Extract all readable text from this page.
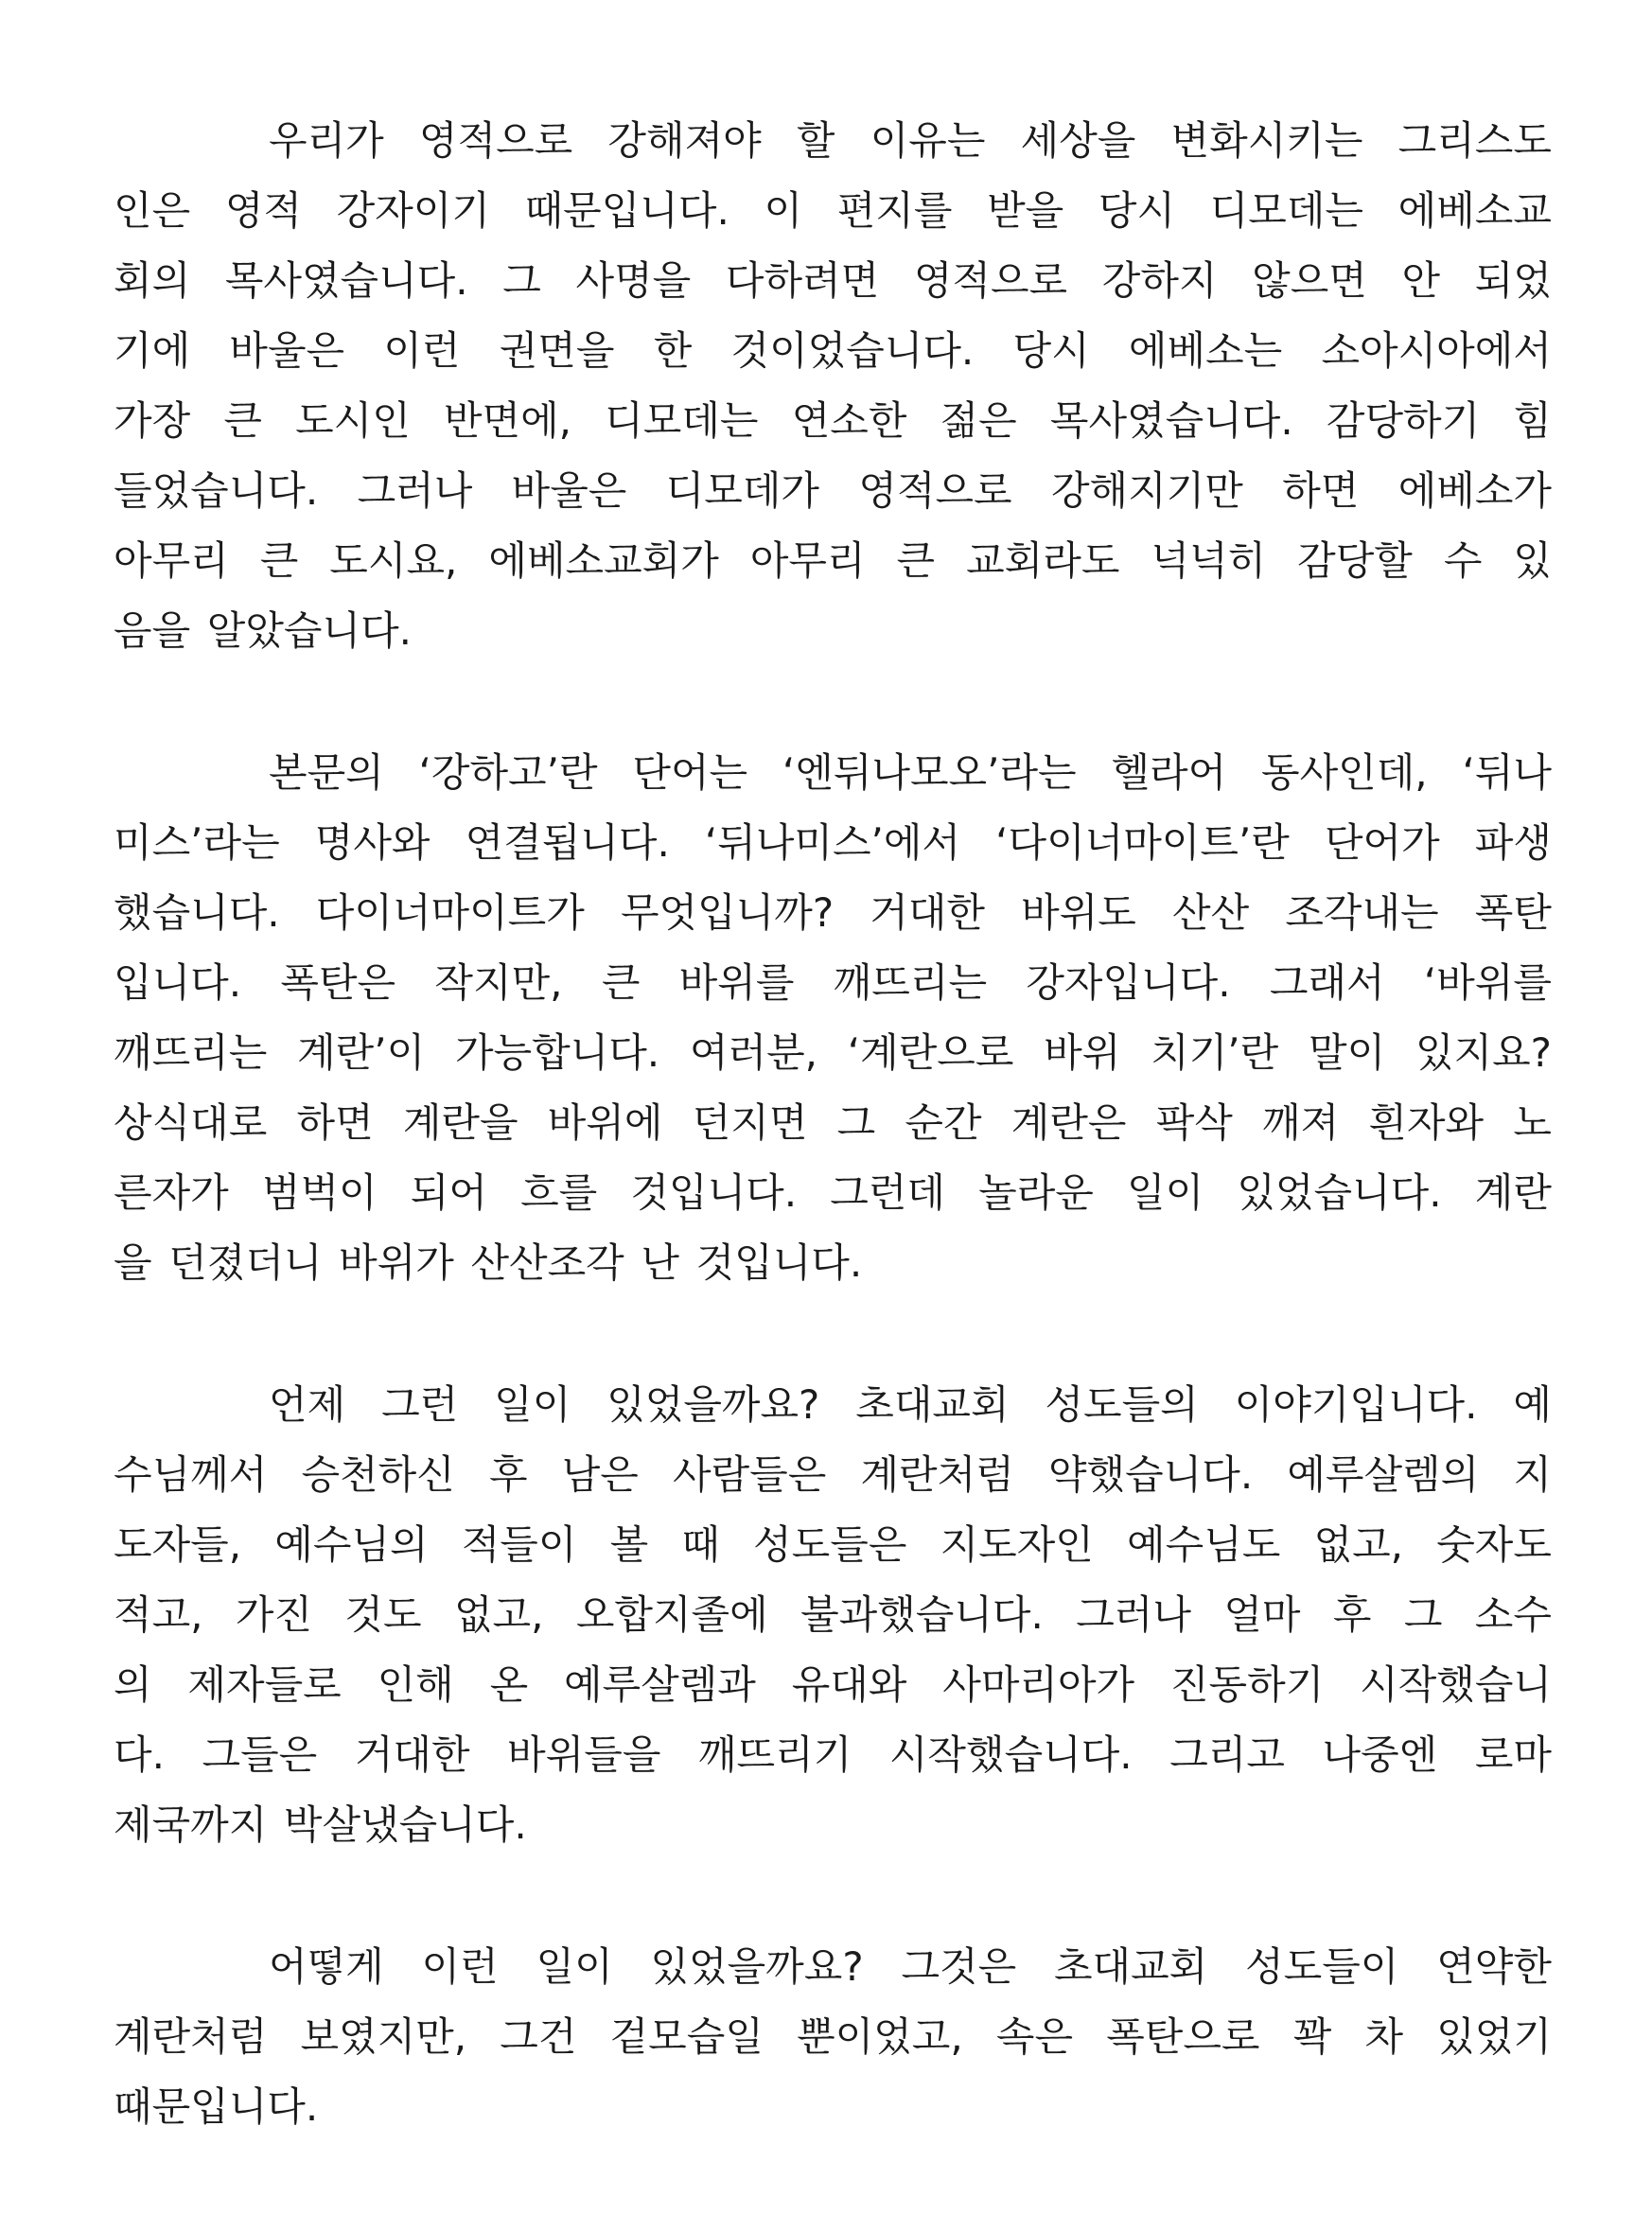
우리가 영적으로 강해져야 할 이유는 세상을 변화시키는 그리스도
인은 영적 강자이기 때문입니다. 이 편지를 받을 당시 디모데는 에베소교
회의 목사였습니다. 그 사명을 다하려면 영적으로 강하지 않으면 안 되었
기에 바울은 이런 권면을 한 것이었습니다. 당시 에베소는 소아시아에서
가장 큰 도시인 반면에, 디모데는 연소한 젊은 목사였습니다. 감당하기 힘
들었습니다. 그러나 바울은 디모데가 영적으로 강해지기만 하면 에베소가
아무리 큰 도시요, 에베소교회가 아무리 큰 교회라도 넉넉히 감당할 수 있
음을 알았습니다.
본문의 ‘강하고’란 단어는 ‘엔뒤나모오’라는 헬라어 동사인데, ‘뒤나
미스’라는 명사와 연결됩니다. ‘뒤나미스’에서 ‘다이너마이트’란 단어가 파생
했습니다. 다이너마이트가 무엇입니까? 거대한 바위도 산산 조각내는 폭탄
입니다. 폭탄은 작지만, 큰 바위를 깨뜨리는 강자입니다. 그래서 ‘바위를
깨뜨리는 계란’이 가능합니다. 여러분, ‘계란으로 바위 치기’란 말이 있지요?
상식대로 하면 계란을 바위에 던지면 그 순간 계란은 팍삭 깨져 흰자와 노
른자가 범벅이 되어 흐를 것입니다. 그런데 놀라운 일이 있었습니다. 계란
을 던졌더니 바위가 산산조각 난 것입니다.
언제 그런 일이 있었을까요? 초대교회 성도들의 이야기입니다. 예
수님께서 승천하신 후 남은 사람들은 계란처럼 약했습니다. 예루살렘의 지
도자들, 예수님의 적들이 볼 때 성도들은 지도자인 예수님도 없고, 숫자도
적고, 가진 것도 없고, 오합지졸에 불과했습니다. 그러나 얼마 후 그 소수
의 제자들로 인해 온 예루살렘과 유대와 사마리아가 진동하기 시작했습니
다. 그들은 거대한 바위들을 깨뜨리기 시작했습니다. 그리고 나중엔 로마
제국까지 박살냈습니다.
어떻게 이런 일이 있었을까요? 그것은 초대교회 성도들이 연약한
계란처럼 보였지만, 그건 겉모습일 뿐이었고, 속은 폭탄으로 꽉 차 있었기
때문입니다.
